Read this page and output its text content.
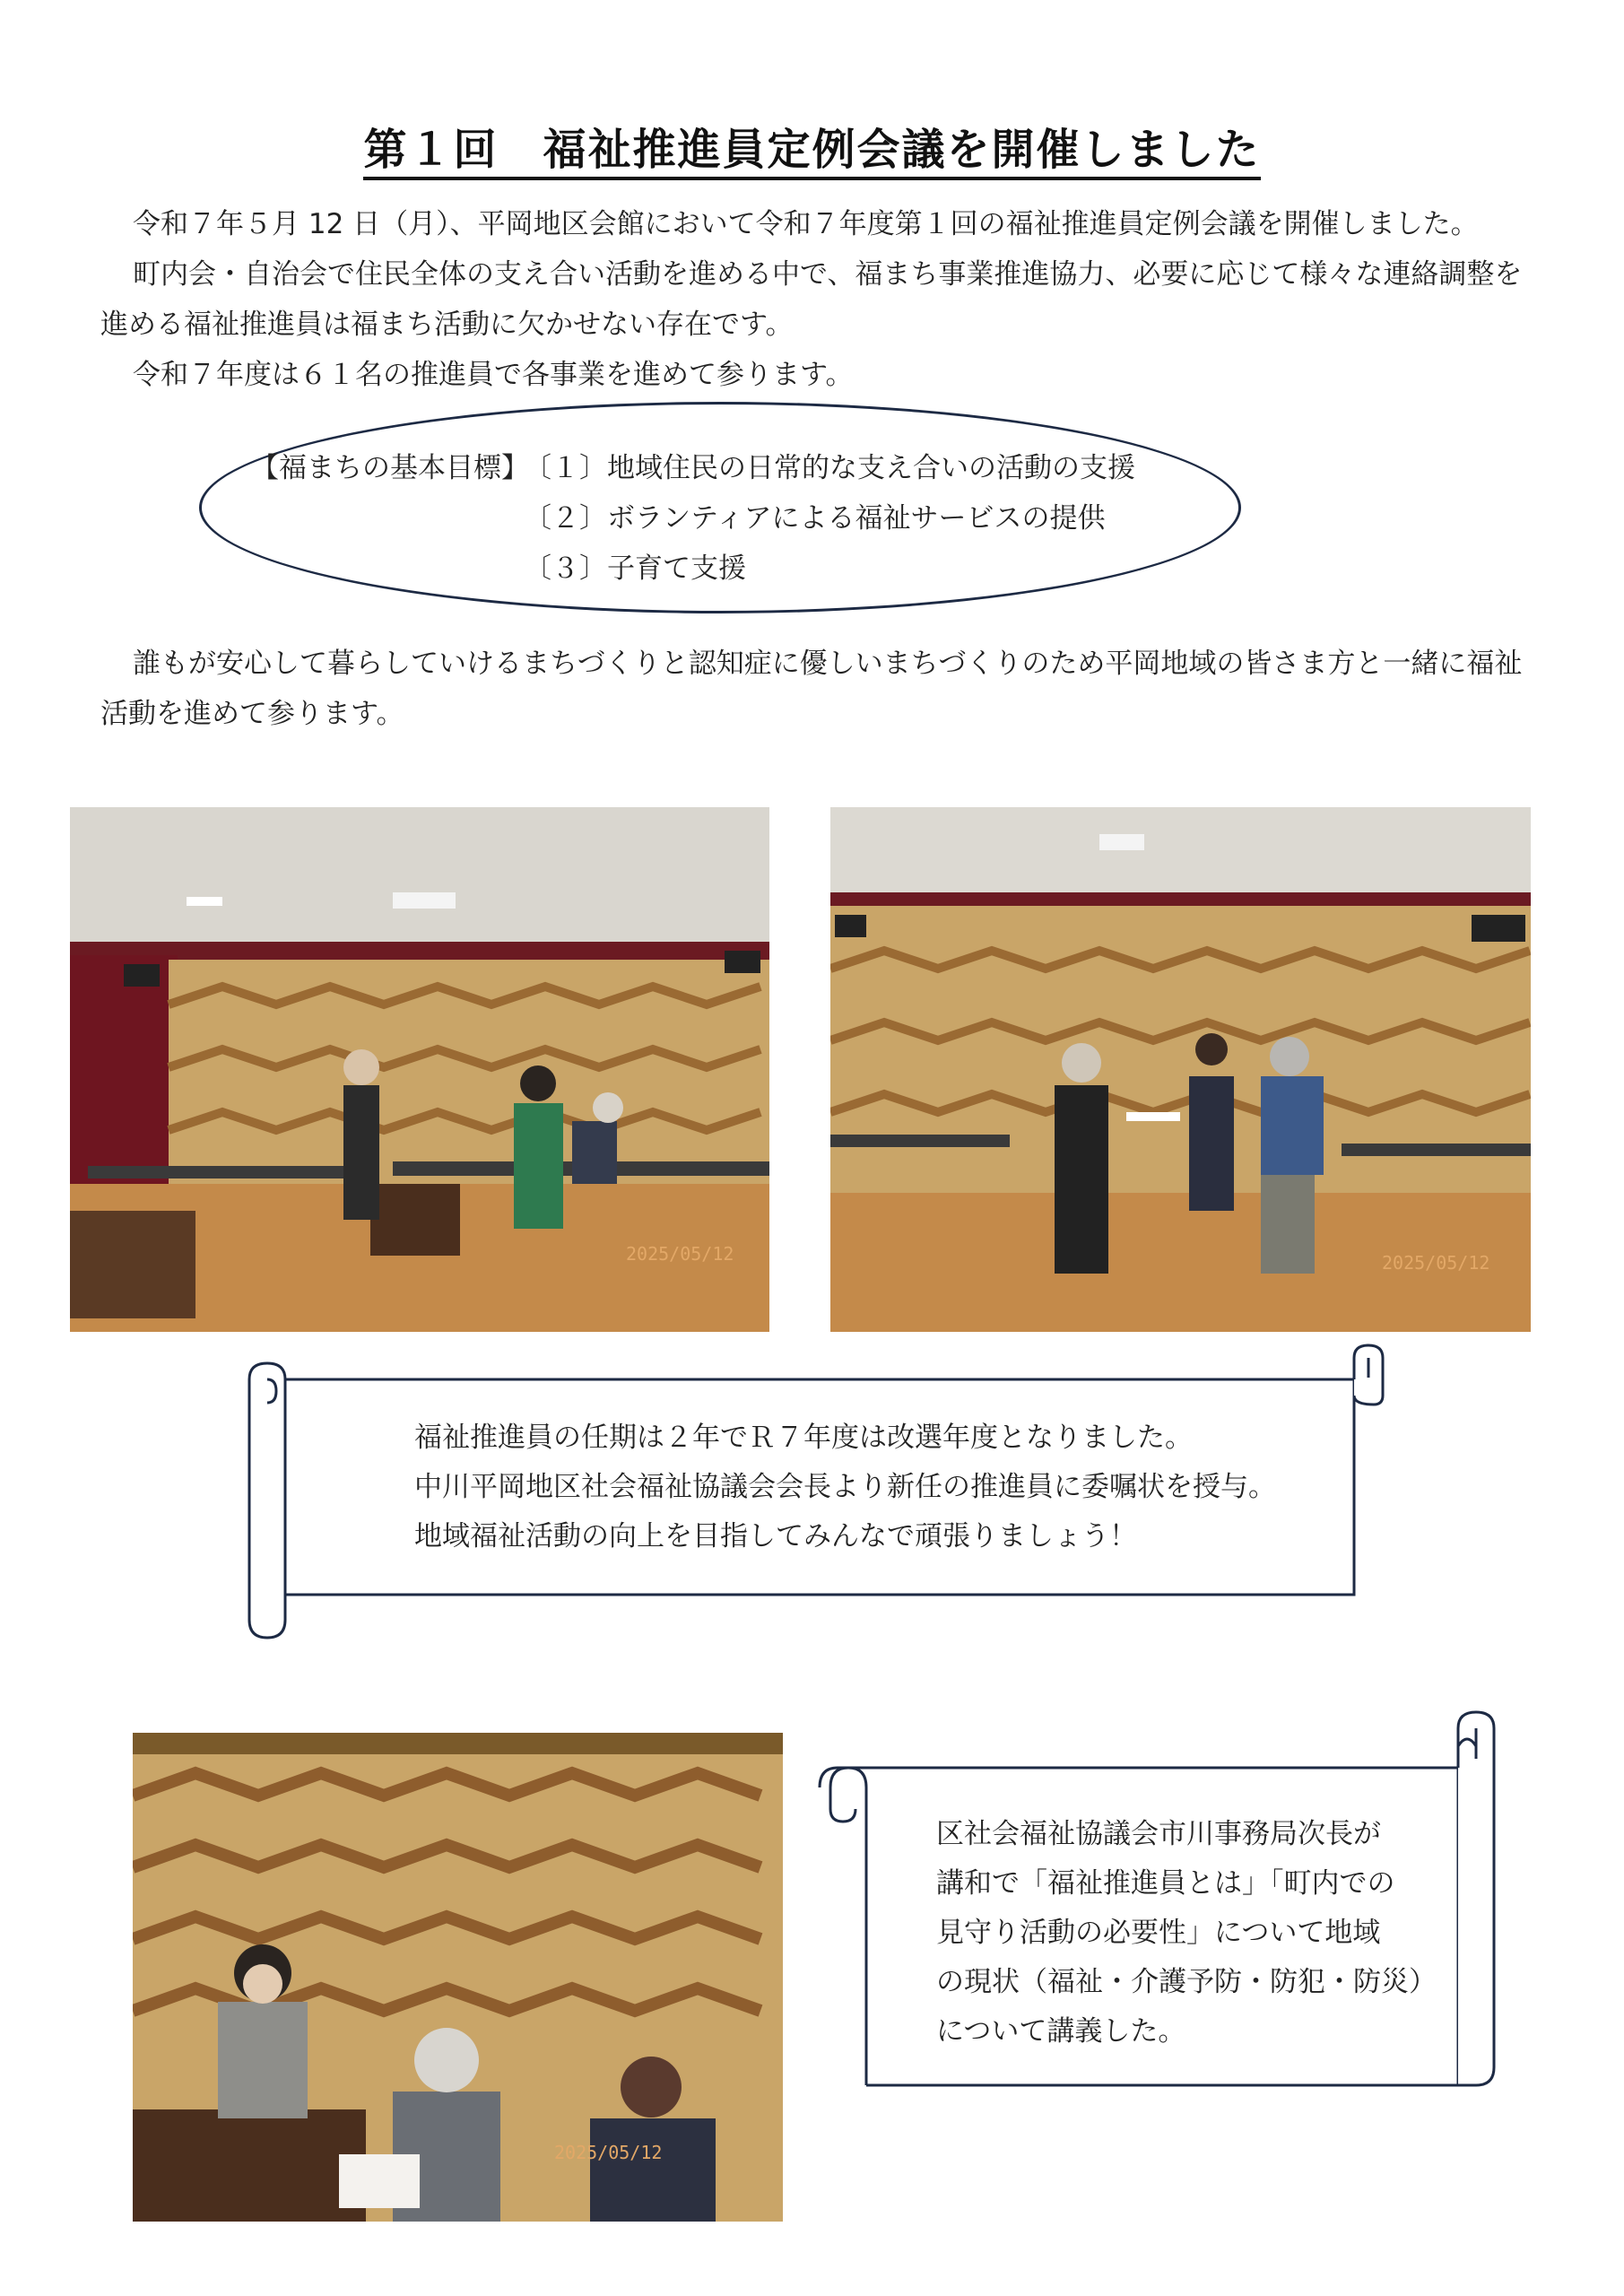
第１回　福祉推進員定例会議を開催しました

令和７年５月 12 日（月）、平岡地区会館において令和７年度第１回の福祉推進員定例会議を開催しました。

町内会・自治会で住民全体の支え合い活動を進める中で、福まち事業推進協力、必要に応じて様々な連絡調整を進める福祉推進員は福まち活動に欠かせない存在です。

令和７年度は６１名の推進員で各事業を進めて参ります。

【福まちの基本目標】
〔１〕地域住民の日常的な支え合いの活動の支援
〔２〕ボランティアによる福祉サービスの提供
〔３〕子育て支援

誰もが安心して暮らしていけるまちづくりと認知症に優しいまちづくりのため平岡地域の皆さま方と一緒に福祉活動を進めて参ります。

2025/05/12	2025/05/12
福祉推進員の任期は２年でＲ７年度は改選年度となりました。
中川平岡地区社会福祉協議会会長より新任の推進員に委嘱状を授与。
地域福祉活動の向上を目指してみんなで頑張りましょう！
2025/05/12
区社会福祉協議会市川事務局次長が
講和で「福祉推進員とは」「町内での
見守り活動の必要性」について地域
の現状（福祉・介護予防・防犯・防災）
について講義した。
